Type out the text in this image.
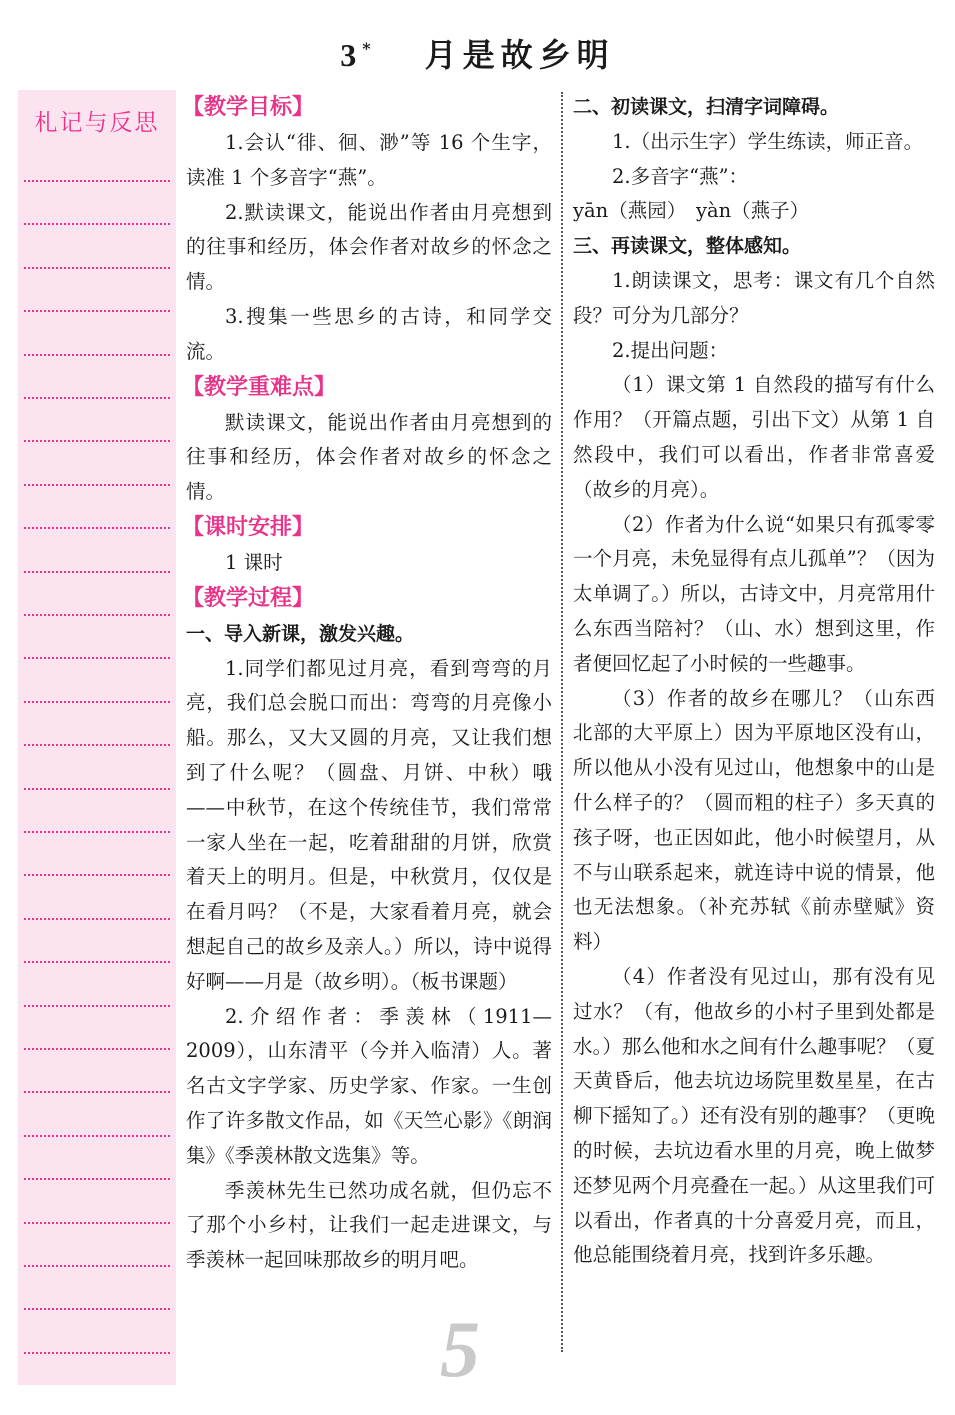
3* 月是故乡明
札记与反思

【教学目标】

1.会认“徘、徊、渺”等 16 个生字，读准 1 个多音字“燕”。

2.默读课文，能说出作者由月亮想到的往事和经历，体会作者对故乡的怀念之情。

3.搜集一些思乡的古诗，和同学交流。

【教学重难点】

默读课文，能说出作者由月亮想到的往事和经历，体会作者对故乡的怀念之情。

【课时安排】

1 课时

【教学过程】

一、导入新课，激发兴趣。

1.同学们都见过月亮，看到弯弯的月亮，我们总会脱口而出：弯弯的月亮像小船。那么，又大又圆的月亮，又让我们想到了什么呢？（圆盘、月饼、中秋）哦——中秋节，在这个传统佳节，我们常常一家人坐在一起，吃着甜甜的月饼，欣赏着天上的明月。但是，中秋赏月，仅仅是在看月吗？（不是，大家看着月亮，就会想起自己的故乡及亲人。）所以，诗中说得好啊——月是（故乡明）。（板书课题）

2.介绍作者：季羡林（1911—2009），山东清平（今并入临清）人。著名古文字学家、历史学家、作家。一生创作了许多散文作品，如《天竺心影》《朗润集》《季羡林散文选集》等。

季羡林先生已然功成名就，但仍忘不了那个小乡村，让我们一起走进课文，与季羡林一起回味那故乡的明月吧。

二、初读课文，扫清字词障碍。

1.（出示生字）学生练读，师正音。

2.多音字“燕”：

yān（燕园）　yàn（燕子）

三、再读课文，整体感知。

1.朗读课文，思考：课文有几个自然段？可分为几部分？

2.提出问题：

（1）课文第 1 自然段的描写有什么作用？（开篇点题，引出下文）从第 1 自然段中，我们可以看出，作者非常喜爱（故乡的月亮）。

（2）作者为什么说“如果只有孤零零一个月亮，未免显得有点儿孤单”？（因为太单调了。）所以，古诗文中，月亮常用什么东西当陪衬？（山、水）想到这里，作者便回忆起了小时候的一些趣事。

（3）作者的故乡在哪儿？（山东西北部的大平原上）因为平原地区没有山，所以他从小没有见过山，他想象中的山是什么样子的？（圆而粗的柱子）多天真的孩子呀，也正因如此，他小时候望月，从不与山联系起来，就连诗中说的情景，他也无法想象。（补充苏轼《前赤壁赋》资料）

（4）作者没有见过山，那有没有见过水？（有，他故乡的小村子里到处都是水。）那么他和水之间有什么趣事呢？（夏天黄昏后，他去坑边场院里数星星，在古柳下摇知了。）还有没有别的趣事？（更晚的时候，去坑边看水里的月亮，晚上做梦还梦见两个月亮叠在一起。）从这里我们可以看出，作者真的十分喜爱月亮，而且，他总能围绕着月亮，找到许多乐趣。

5
